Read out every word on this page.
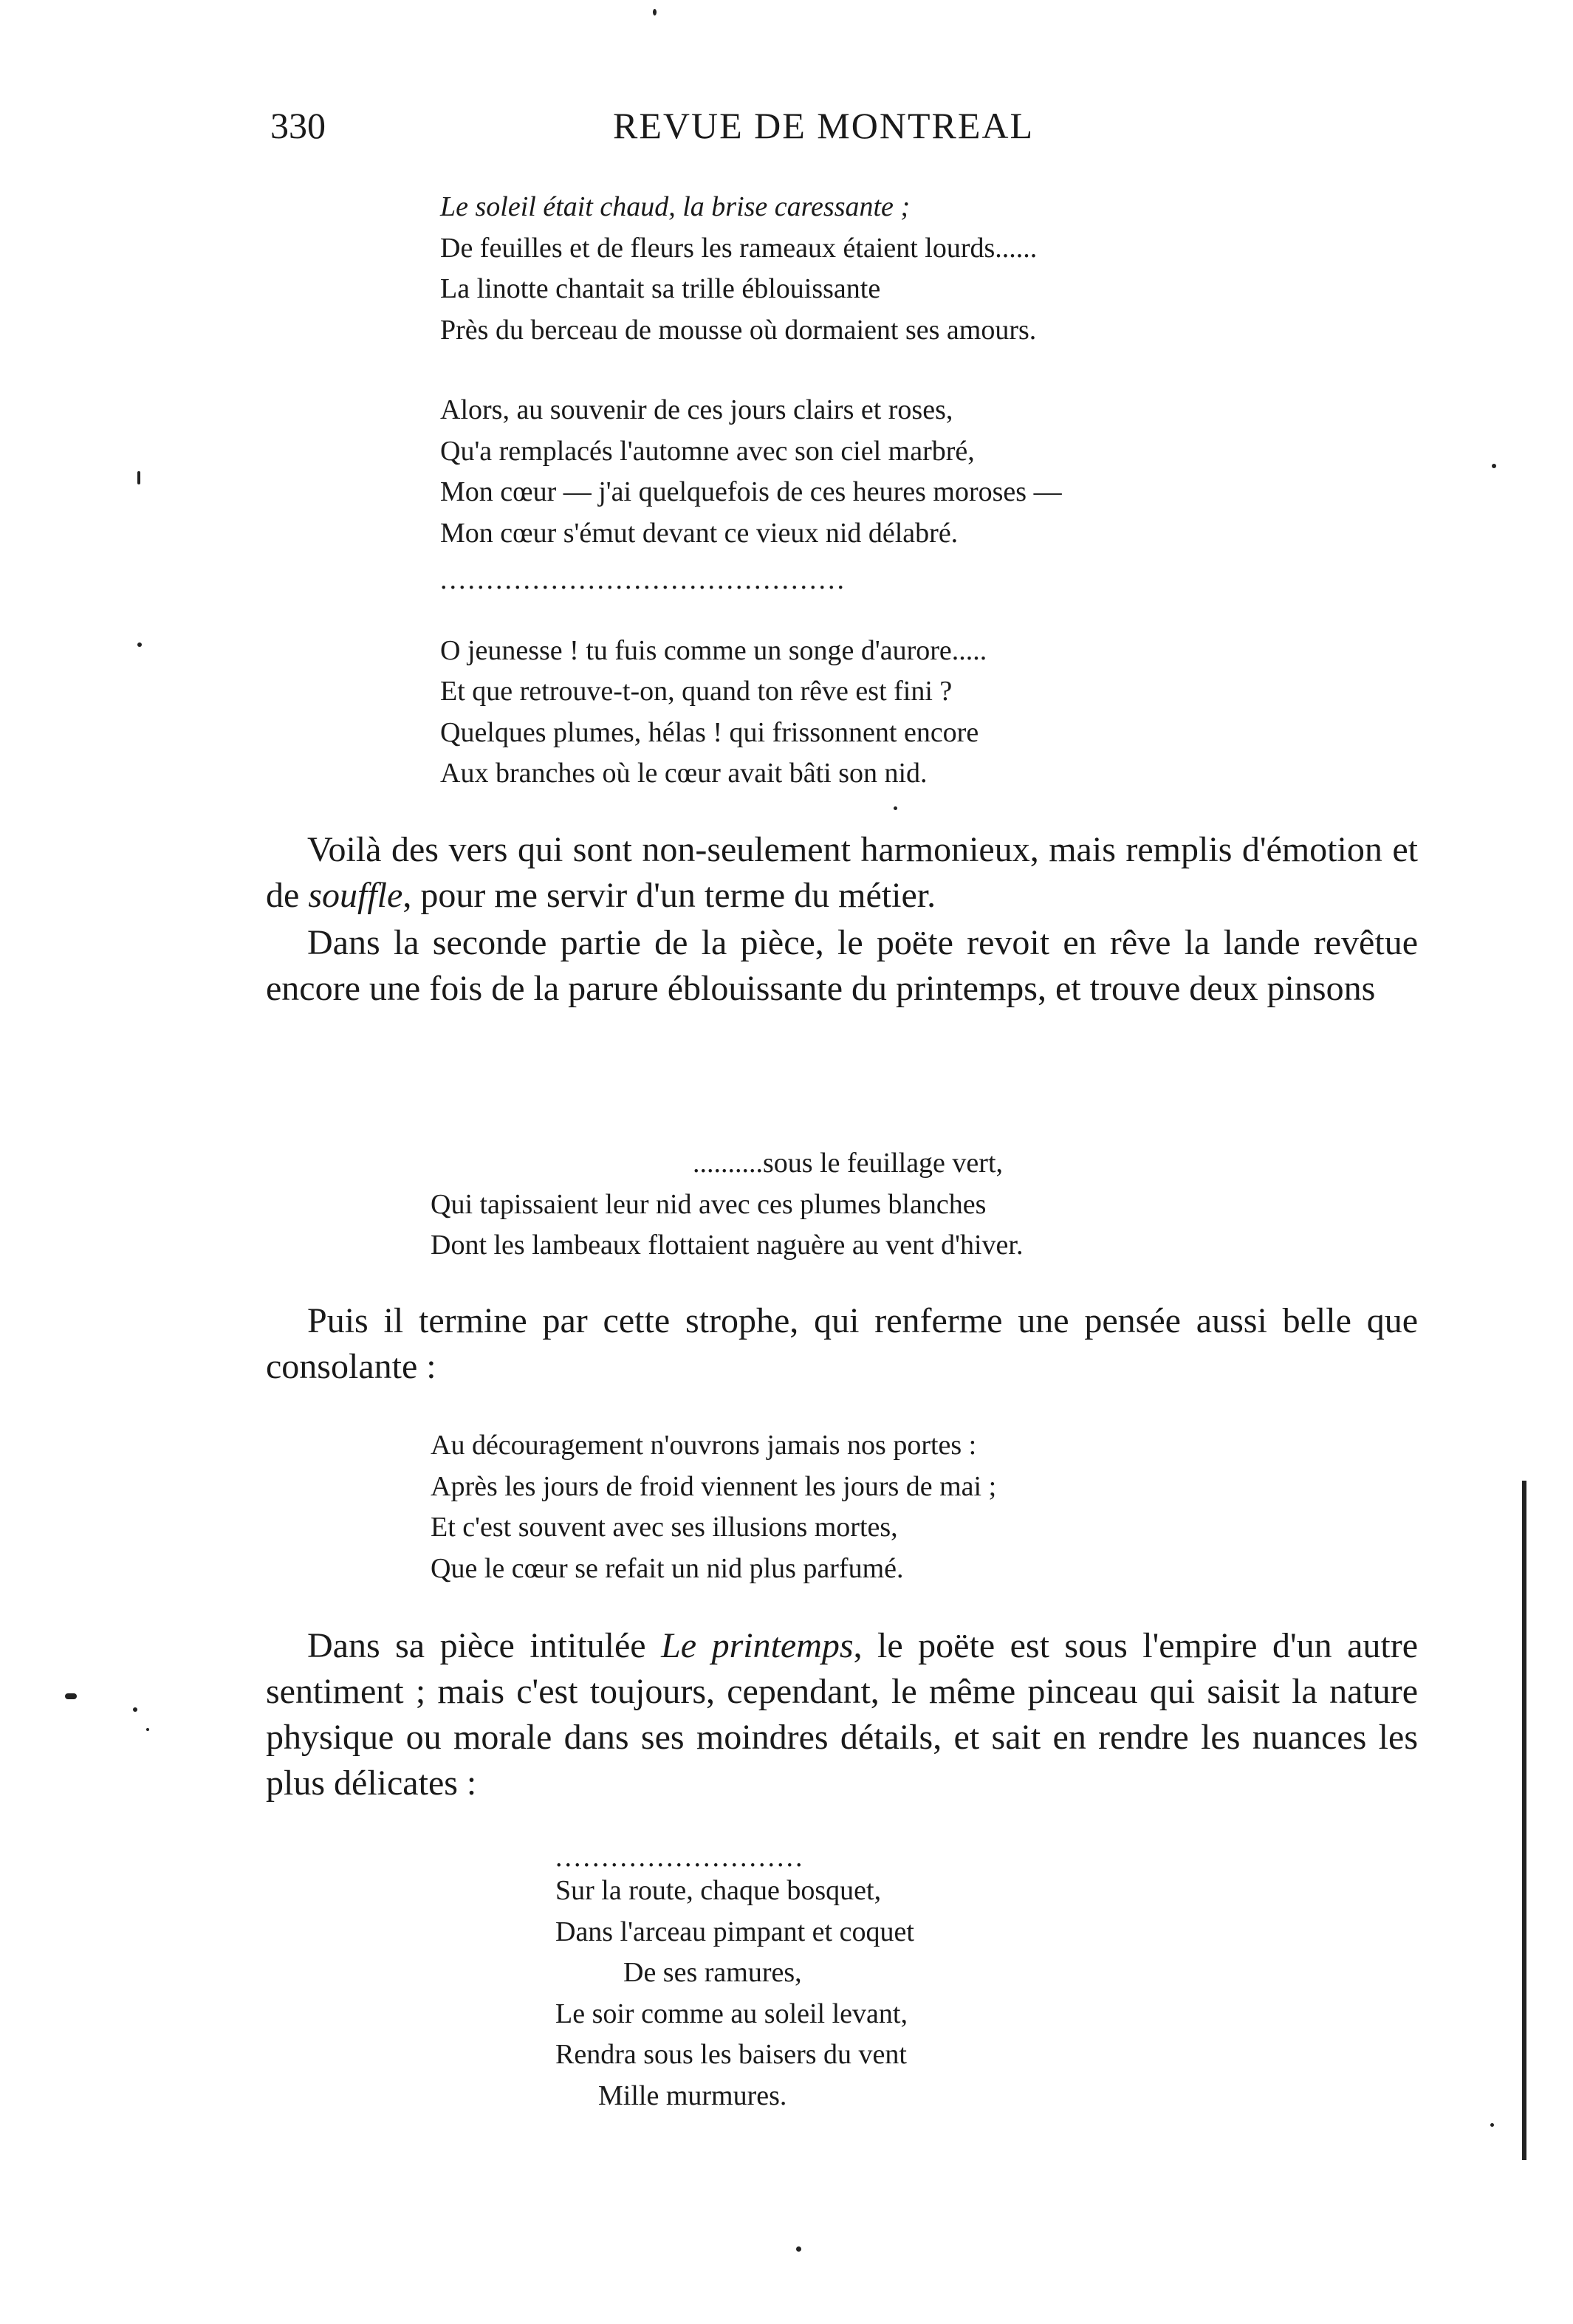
330	REVUE DE MONTREAL
Le soleil était chaud, la brise caressante ;
De feuilles et de fleurs les rameaux étaient lourds......
La linotte chantait sa trille éblouissante
Près du berceau de mousse où dormaient ses amours.
Alors, au souvenir de ces jours clairs et roses,
Qu'a remplacés l'automne avec son ciel marbré,
Mon cœur — j'ai quelquefois de ces heures moroses —
Mon cœur s'émut devant ce vieux nid délabré.
............................................
O jeunesse ! tu fuis comme un songe d'aurore.....
Et que retrouve-t-on, quand ton rêve est fini ?
Quelques plumes, hélas ! qui frissonnent encore
Aux branches où le cœur avait bâti son nid.

Voilà des vers qui sont non-seulement harmonieux, mais remplis d'émotion et de souffle, pour me servir d'un terme du métier.

Dans la seconde partie de la pièce, le poëte revoit en rêve la lande revêtue encore une fois de la parure éblouissante du printemps, et trouve deux pinsons

..........sous le feuillage vert,
Qui tapissaient leur nid avec ces plumes blanches
Dont les lambeaux flottaient naguère au vent d'hiver.

Puis il termine par cette strophe, qui renferme une pensée aussi belle que consolante :

Au découragement n'ouvrons jamais nos portes :
Après les jours de froid viennent les jours de mai ;
Et c'est souvent avec ses illusions mortes,
Que le cœur se refait un nid plus parfumé.

Dans sa pièce intitulée Le printemps, le poëte est sous l'empire d'un autre sentiment ; mais c'est toujours, cependant, le même pinceau qui saisit la nature physique ou morale dans ses moindres détails, et sait en rendre les nuances les plus délicates :

...........................
Sur la route, chaque bosquet,
Dans l'arceau pimpant et coquet
De ses ramures,
Le soir comme au soleil levant,
Rendra sous les baisers du vent
Mille murmures.
